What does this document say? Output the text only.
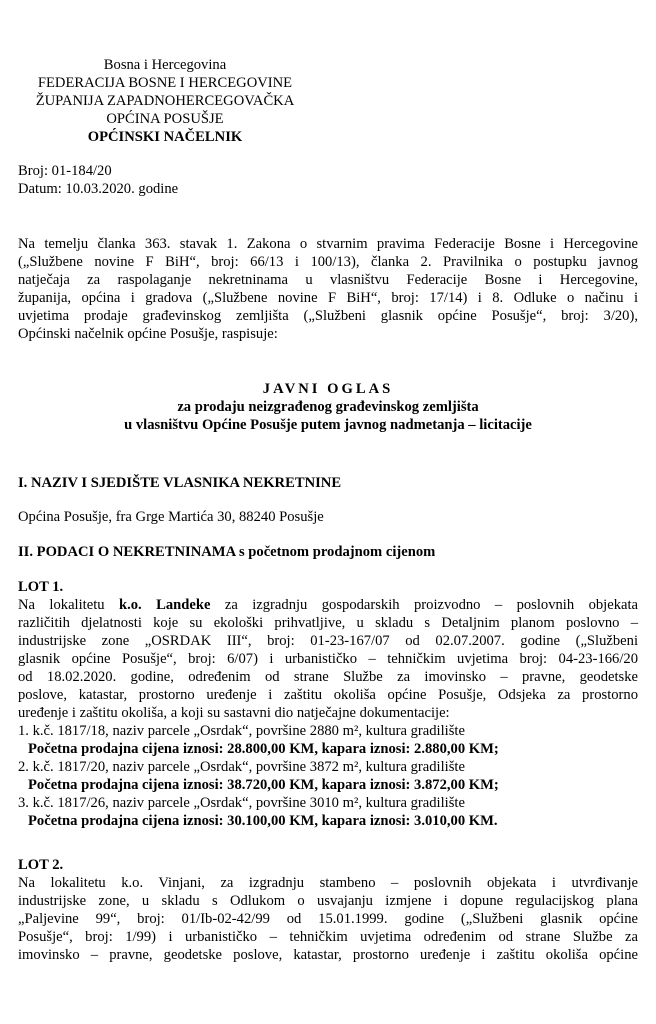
Bosna i Hercegovina
FEDERACIJA BOSNE I HERCEGOVINE
ŽUPANIJA ZAPADNOHERCEGOVAČKA
OPĆINA POSUŠJE
OPĆINSKI NAČELNIK
Broj: 01-184/20
Datum: 10.03.2020. godine
Na temelju članka 363. stavak 1. Zakona o stvarnim pravima Federacije Bosne i Hercegovine
(„Službene novine F BiH“, broj: 66/13 i 100/13), članka 2. Pravilnika o postupku javnog
natječaja za raspolaganje nekretninama u vlasništvu Federacije Bosne i Hercegovine,
županija, općina i gradova („Službene novine F BiH“, broj: 17/14) i 8. Odluke o načinu i
uvjetima prodaje građevinskog zemljišta („Službeni glasnik općine Posušje“, broj: 3/20),
Općinski načelnik općine Posušje, raspisuje:
JAVNI OGLAS
za prodaju neizgrađenog građevinskog zemljišta
u vlasništvu Općine Posušje putem javnog nadmetanja – licitacije
I. NAZIV I SJEDIŠTE VLASNIKA NEKRETNINE
Općina Posušje, fra Grge Martića 30, 88240 Posušje
II. PODACI O NEKRETNINAMA s početnom prodajnom cijenom
LOT 1.
Na lokalitetu k.o. Landeke za izgradnju gospodarskih proizvodno – poslovnih objekata
različitih djelatnosti koje su ekološki prihvatljive, u skladu s Detaljnim planom poslovno –
industrijske zone „OSRDAK III“, broj: 01-23-167/07 od 02.07.2007. godine („Službeni
glasnik općine Posušje“, broj: 6/07) i urbanističko – tehničkim uvjetima broj: 04-23-166/20
od 18.02.2020. godine, određenim od strane Službe za imovinsko – pravne, geodetske
poslove, katastar, prostorno uređenje i zaštitu okoliša općine Posušje, Odsjeka za prostorno
uređenje i zaštitu okoliša, a koji su sastavni dio natječajne dokumentacije:
1. k.č. 1817/18, naziv parcele „Osrdak“, površine 2880 m², kultura gradilište
Početna prodajna cijena iznosi: 28.800,00 KM, kapara iznosi: 2.880,00 KM;
2. k.č. 1817/20, naziv parcele „Osrdak“, površine 3872 m², kultura gradilište
Početna prodajna cijena iznosi: 38.720,00 KM, kapara iznosi: 3.872,00 KM;
3. k.č. 1817/26, naziv parcele „Osrdak“, površine 3010 m², kultura gradilište
Početna prodajna cijena iznosi: 30.100,00 KM, kapara iznosi: 3.010,00 KM.
LOT 2.
Na lokalitetu k.o. Vinjani, za izgradnju stambeno – poslovnih objekata i utvrđivanje
industrijske zone, u skladu s Odlukom o usvajanju izmjene i dopune regulacijskog plana
„Paljevine 99“, broj: 01/Ib-02-42/99 od 15.01.1999. godine („Službeni glasnik općine
Posušje“, broj: 1/99) i urbanističko – tehničkim uvjetima određenim od strane Službe za
imovinsko – pravne, geodetske poslove, katastar, prostorno uređenje i zaštitu okoliša općine
